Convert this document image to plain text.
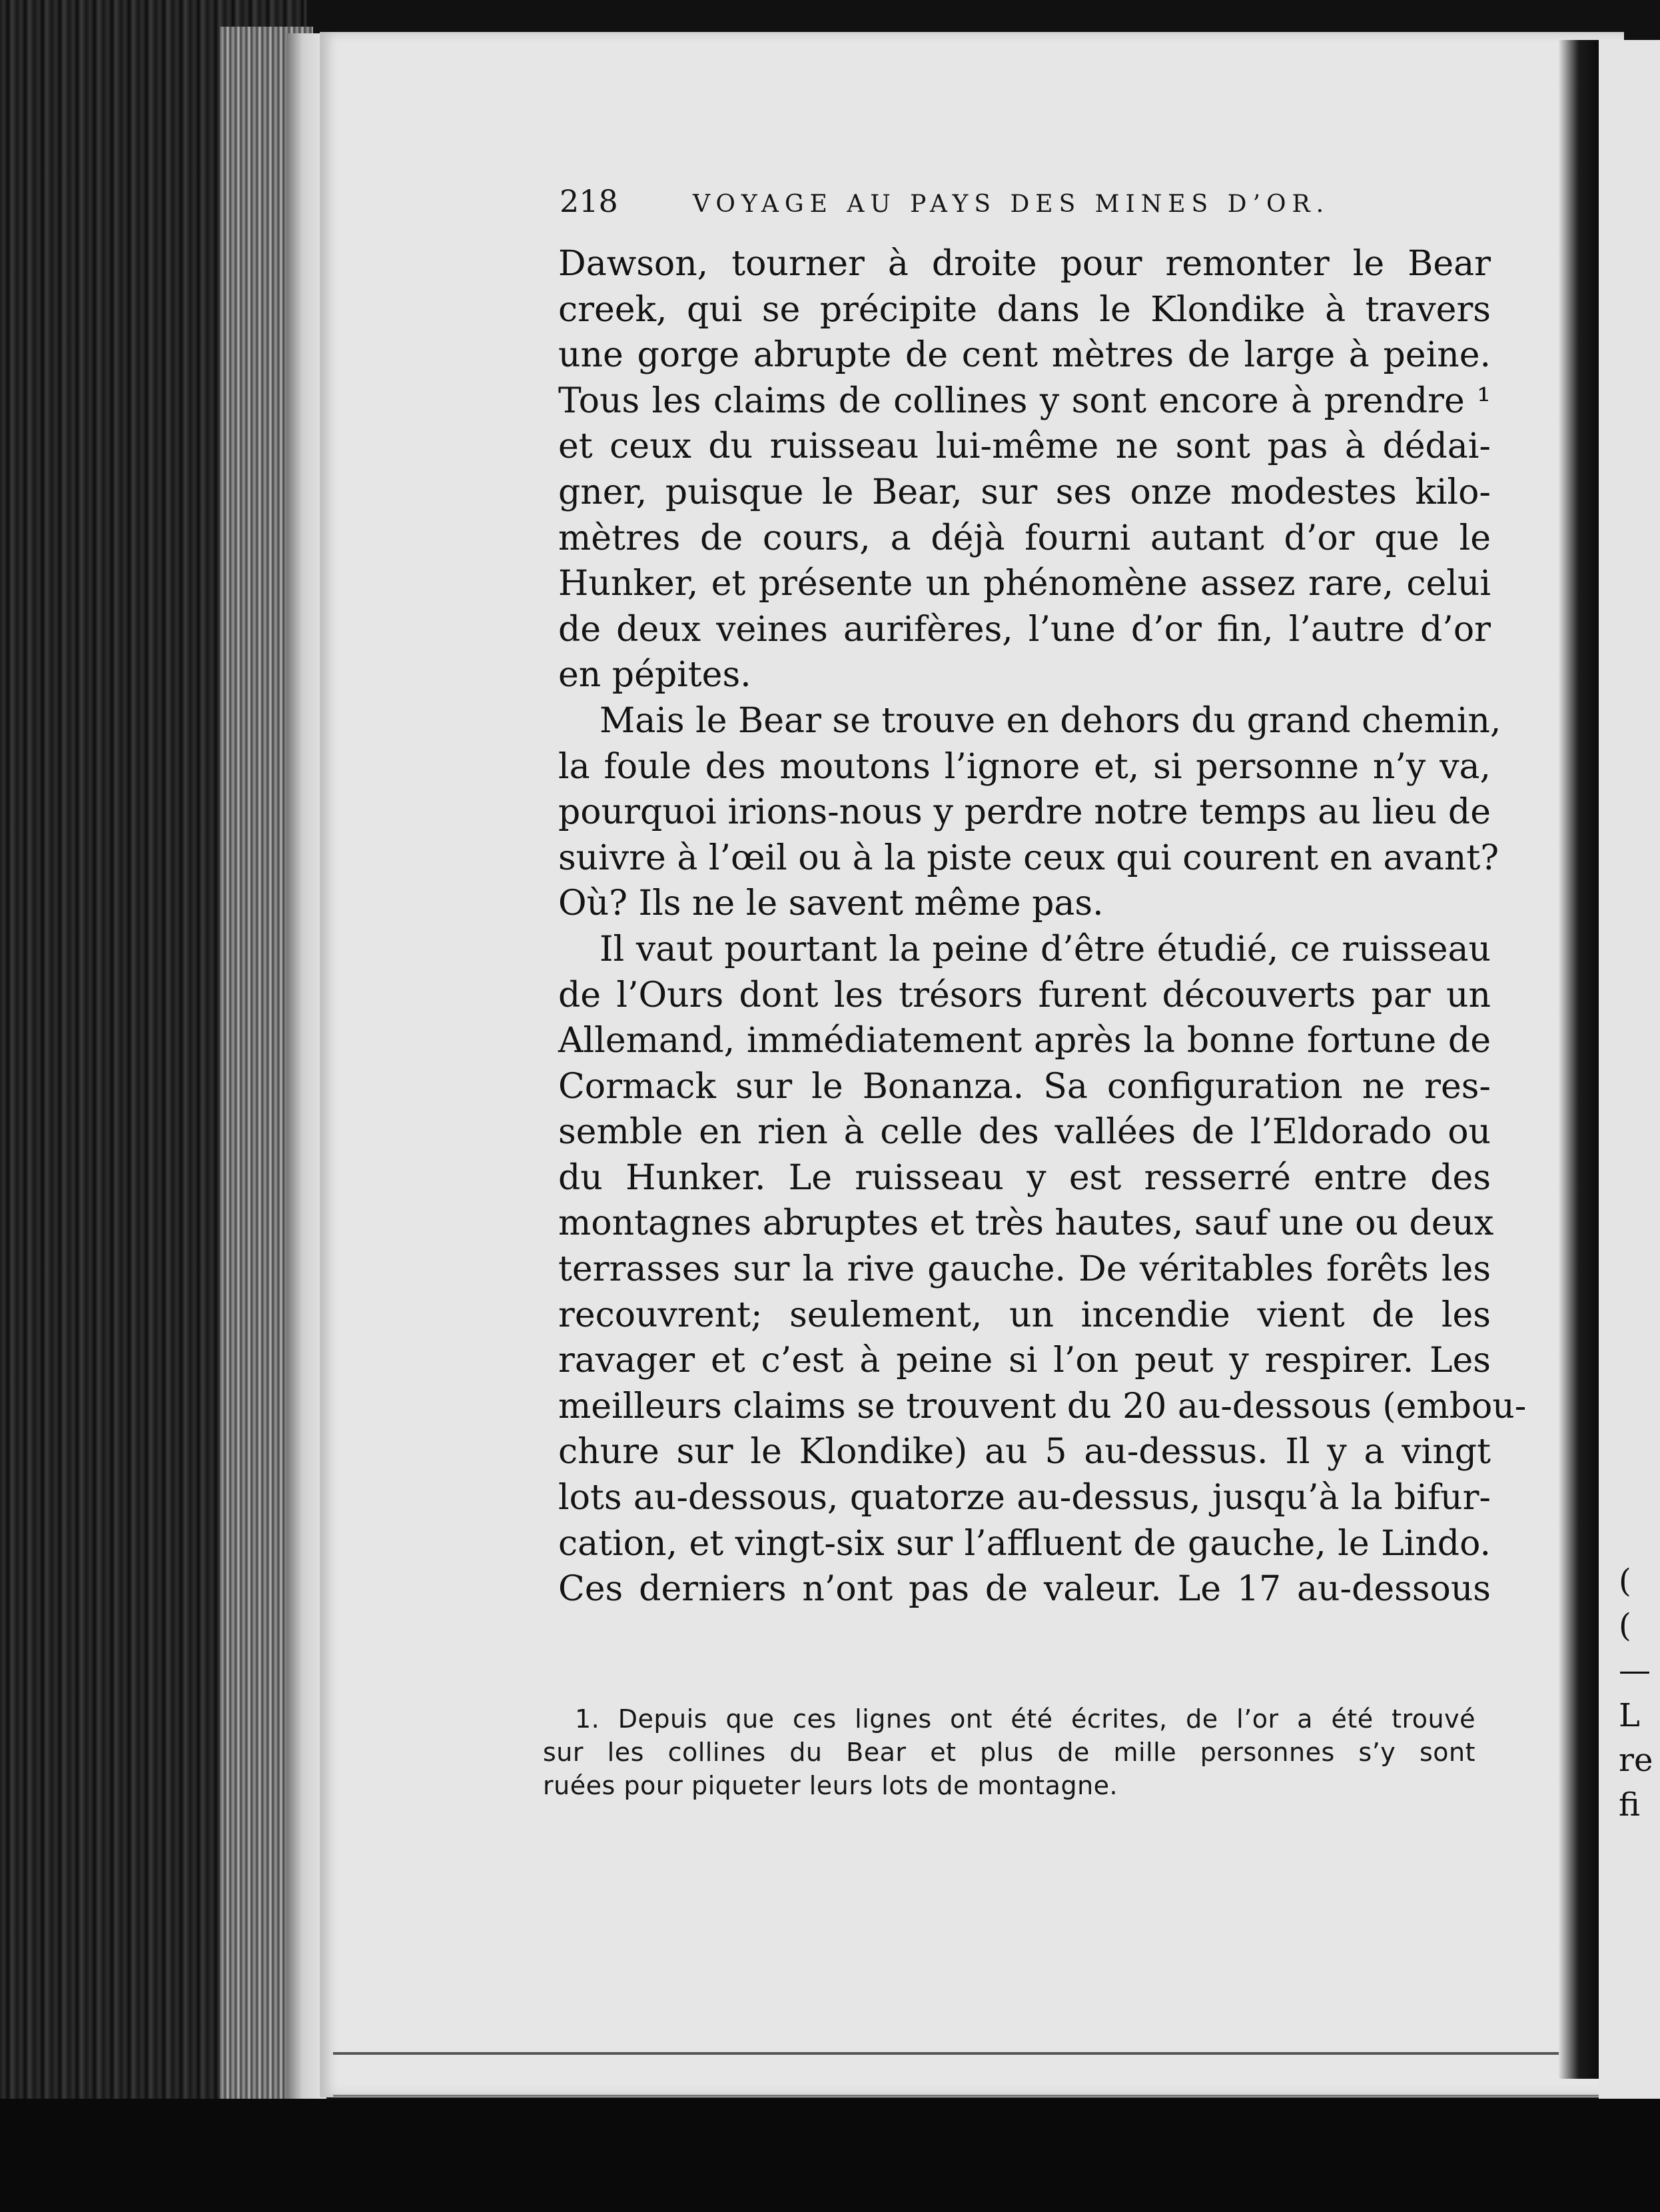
(
(
—
L
re
fi
218	VOYAGE AU PAYS DES MINES D’OR.
Dawson, tourner à droite pour remonter le Bear
creek, qui se précipite dans le Klondike à travers
une gorge abrupte de cent mètres de large à peine.
Tous les claims de collines y sont encore à prendre ¹
et ceux du ruisseau lui-même ne sont pas à dédai-
gner, puisque le Bear, sur ses onze modestes kilo-
mètres de cours, a déjà fourni autant d’or que le
Hunker, et présente un phénomène assez rare, celui
de deux veines aurifères, l’une d’or fin, l’autre d’or
en pépites.
Mais le Bear se trouve en dehors du grand chemin,
la foule des moutons l’ignore et, si personne n’y va,
pourquoi irions-nous y perdre notre temps au lieu de
suivre à l’œil ou à la piste ceux qui courent en avant?
Où? Ils ne le savent même pas.
Il vaut pourtant la peine d’être étudié, ce ruisseau
de l’Ours dont les trésors furent découverts par un
Allemand, immédiatement après la bonne fortune de
Cormack sur le Bonanza. Sa configuration ne res-
semble en rien à celle des vallées de l’Eldorado ou
du Hunker. Le ruisseau y est resserré entre des
montagnes abruptes et très hautes, sauf une ou deux
terrasses sur la rive gauche. De véritables forêts les
recouvrent; seulement, un incendie vient de les
ravager et c’est à peine si l’on peut y respirer. Les
meilleurs claims se trouvent du 20 au-dessous (embou-
chure sur le Klondike) au 5 au-dessus. Il y a vingt
lots au-dessous, quatorze au-dessus, jusqu’à la bifur-
cation, et vingt-six sur l’affluent de gauche, le Lindo.
Ces derniers n’ont pas de valeur. Le 17 au-dessous
1. Depuis que ces lignes ont été écrites, de l’or a été trouvé
sur les collines du Bear et plus de mille personnes s’y sont
ruées pour piqueter leurs lots de montagne.
